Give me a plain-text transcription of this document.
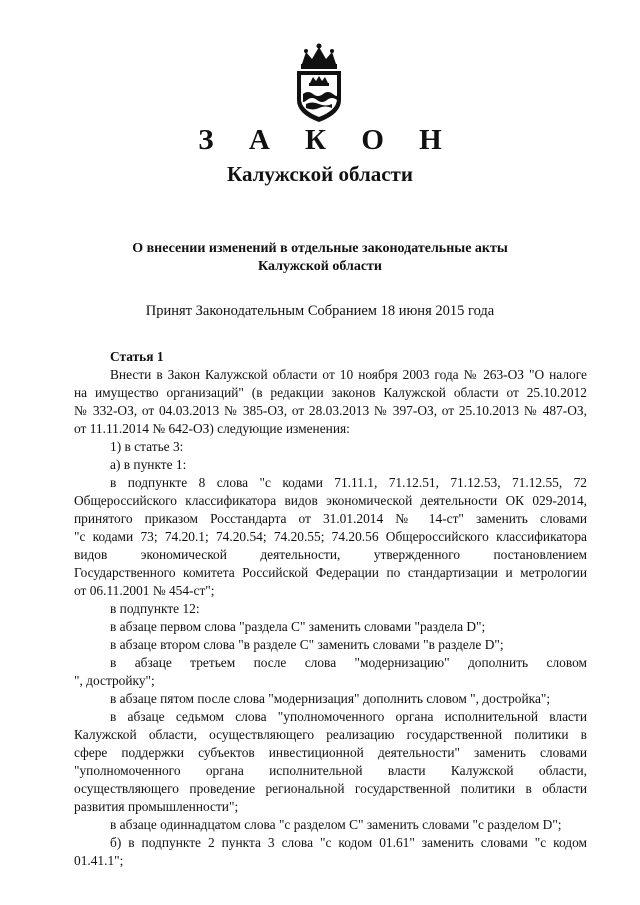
З А К О Н
Калужской области
О внесении изменений в отдельные законодательные акты
Калужской области
Принят Законодательным Собранием 18 июня 2015 года
Статья 1
Внести в Закон Калужской области от 10 ноября 2003 года № 263-ОЗ "О налоге
на имущество организаций" (в редакции законов Калужской области от 25.10.2012
№ 332-ОЗ, от 04.03.2013 № 385-ОЗ, от 28.03.2013 № 397-ОЗ, от 25.10.2013 № 487-ОЗ,
от 11.11.2014 № 642-ОЗ) следующие изменения:
1) в статье 3:
а) в пункте 1:
в подпункте 8 слова "с кодами 71.11.1, 71.12.51, 71.12.53, 71.12.55, 72
Общероссийского классификатора видов экономической деятельности ОК 029-2014,
принятого приказом Росстандарта от 31.01.2014 № 14-ст" заменить словами
"с кодами 73; 74.20.1; 74.20.54; 74.20.55; 74.20.56 Общероссийского классификатора
видов экономической деятельности, утвержденного постановлением
Государственного комитета Российской Федерации по стандартизации и метрологии
от 06.11.2001 № 454-ст";
в подпункте 12:
в абзаце первом слова "раздела C" заменить словами "раздела D";
в абзаце втором слова "в разделе C" заменить словами "в разделе D";
в абзаце третьем после слова "модернизацию" дополнить словом
", достройку";
в абзаце пятом после слова "модернизация" дополнить словом ", достройка";
в абзаце седьмом слова "уполномоченного органа исполнительной власти
Калужской области, осуществляющего реализацию государственной политики в
сфере поддержки субъектов инвестиционной деятельности" заменить словами
"уполномоченного органа исполнительной власти Калужской области,
осуществляющего проведение региональной государственной политики в области
развития промышленности";
в абзаце одиннадцатом слова "с разделом C" заменить словами "с разделом D";
б) в подпункте 2 пункта 3 слова "с кодом 01.61" заменить словами "с кодом
01.41.1";
